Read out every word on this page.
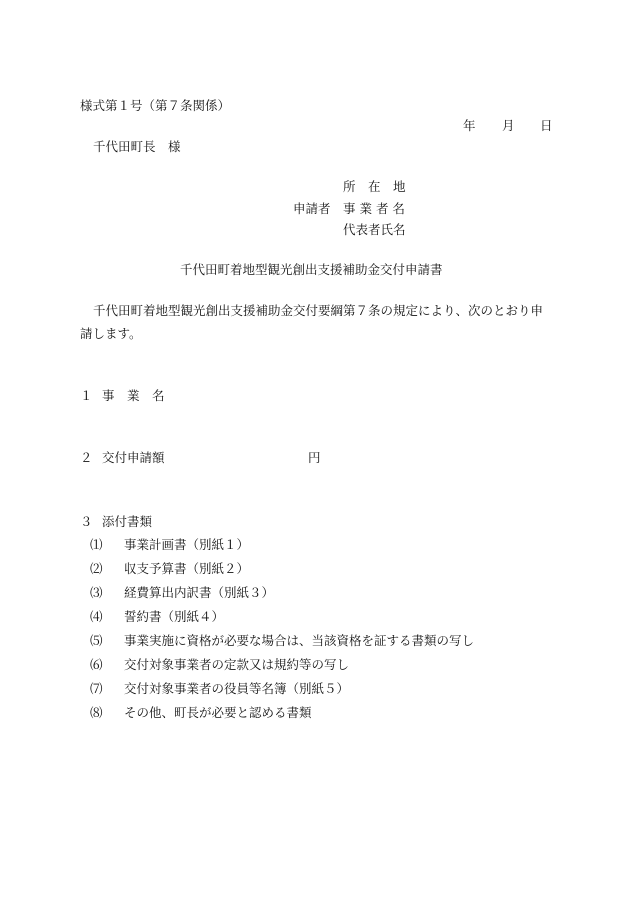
様式第１号（第７条関係）
年 月 日
千代田町長　様
所　在　地
申請者 事 業 者 名
代表者氏名
千代田町着地型観光創出支援補助金交付申請書
千代田町着地型観光創出支援補助金交付要綱第７条の規定により、次のとおり申
請します。
１ 事　業　名
２ 交付申請額	円
３ 添付書類
⑴ 事業計画書（別紙１）
⑵ 収支予算書（別紙２）
⑶ 経費算出内訳書（別紙３）
⑷ 誓約書（別紙４）
⑸ 事業実施に資格が必要な場合は、当該資格を証する書類の写し
⑹ 交付対象事業者の定款又は規約等の写し
⑺ 交付対象事業者の役員等名簿（別紙５）
⑻ その他、町長が必要と認める書類
